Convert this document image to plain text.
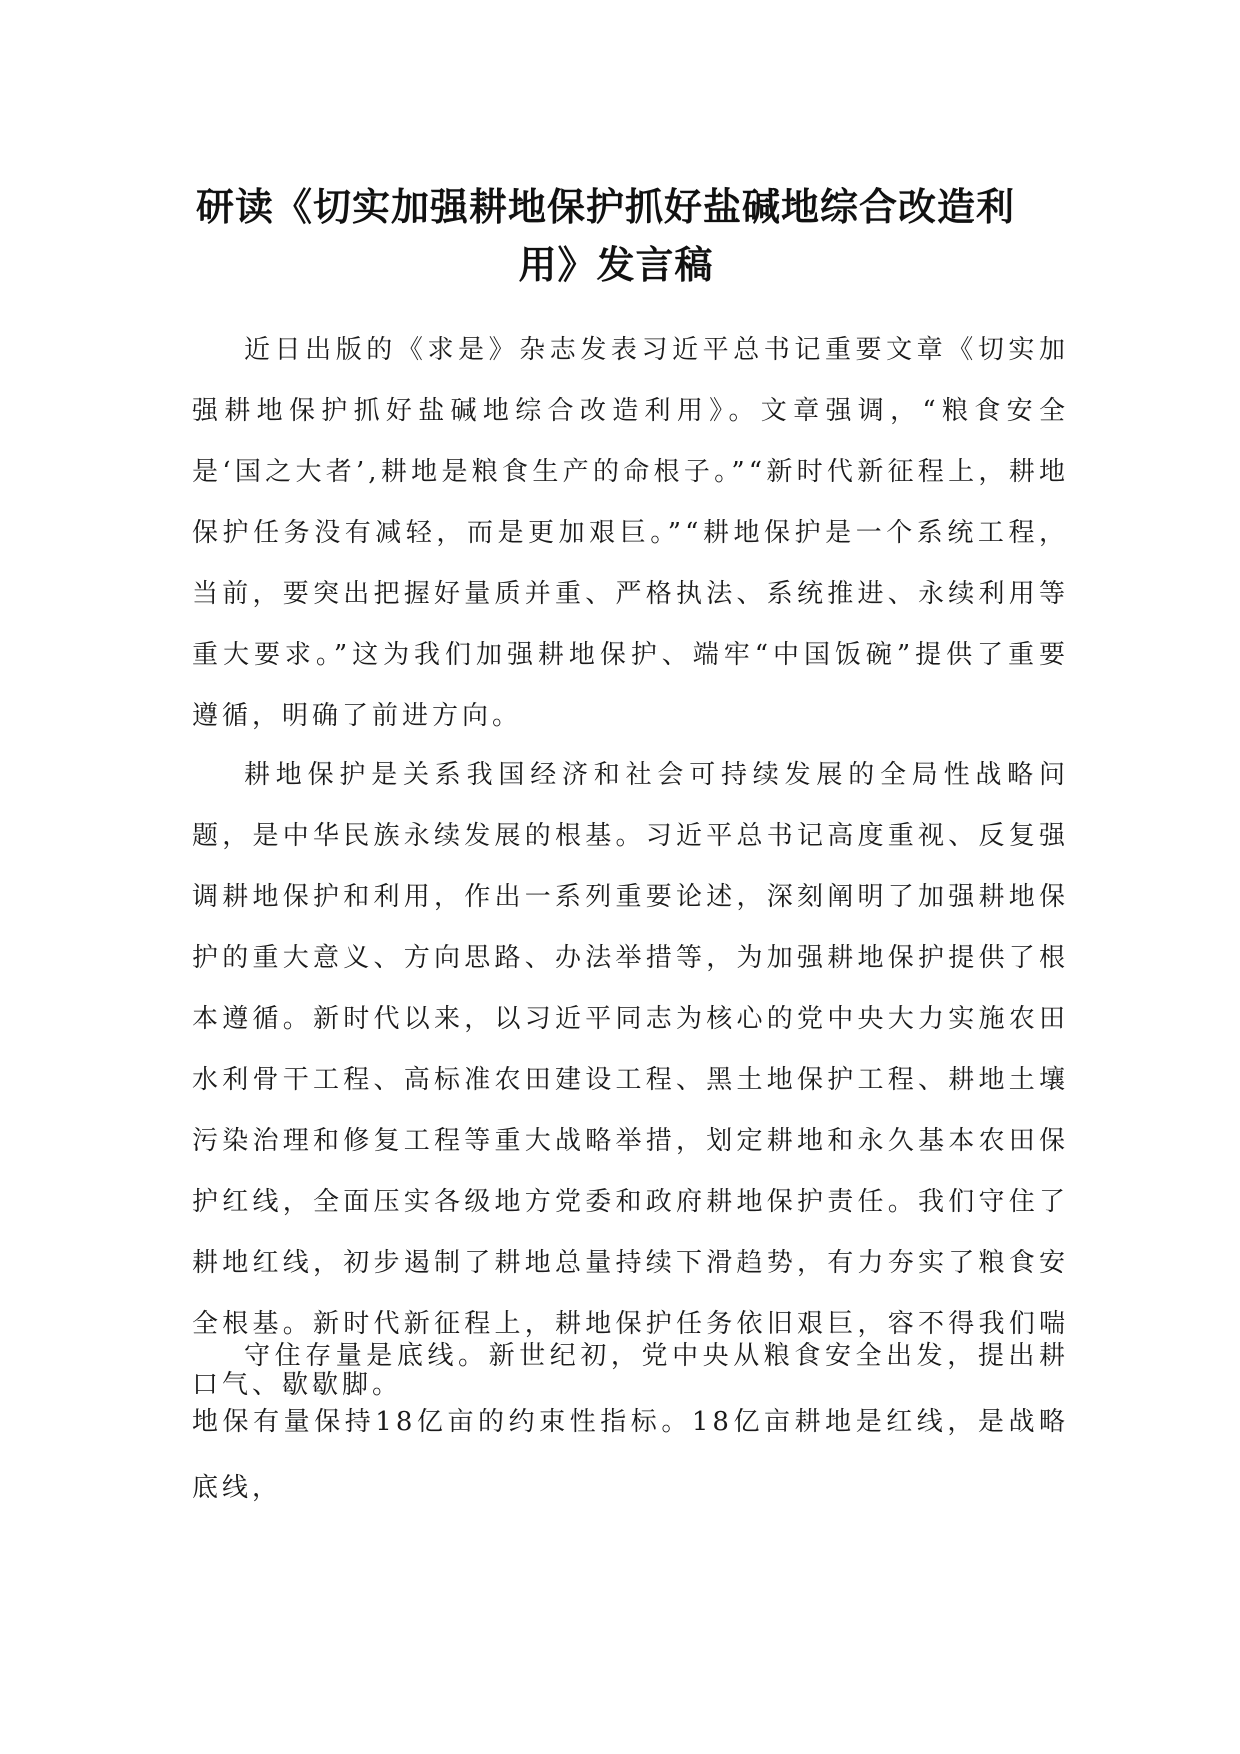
研读《切实加强耕地保护抓好盐碱地综合改造利
用》发言稿

近日出版的《求是》杂志发表习近平总书记重要文章《切实加强耕地保护抓好盐碱地综合改造利用》。文章强调，“粮食安全是‘国之大者’,耕地是粮食生产的命根子。”“新时代新征程上，耕地保护任务没有减轻，而是更加艰巨。”“耕地保护是一个系统工程，当前，要突出把握好量质并重、严格执法、系统推进、永续利用等重大要求。”这为我们加强耕地保护、端牢“中国饭碗”提供了重要遵循，明确了前进方向。

耕地保护是关系我国经济和社会可持续发展的全局性战略问题，是中华民族永续发展的根基。习近平总书记高度重视、反复强调耕地保护和利用，作出一系列重要论述，深刻阐明了加强耕地保护的重大意义、方向思路、办法举措等，为加强耕地保护提供了根本遵循。新时代以来，以习近平同志为核心的党中央大力实施农田水利骨干工程、高标准农田建设工程、黑土地保护工程、耕地土壤污染治理和修复工程等重大战略举措，划定耕地和永久基本农田保护红线，全面压实各级地方党委和政府耕地保护责任。我们守住了耕地红线，初步遏制了耕地总量持续下滑趋势，有力夯实了粮食安全根基。新时代新征程上，耕地保护任务依旧艰巨，容不得我们喘口气、歇歇脚。

守住存量是底线。新世纪初，党中央从粮食安全出发，提出耕地保有量保持18亿亩的约束性指标。18亿亩耕地是红线，是战略底线，
